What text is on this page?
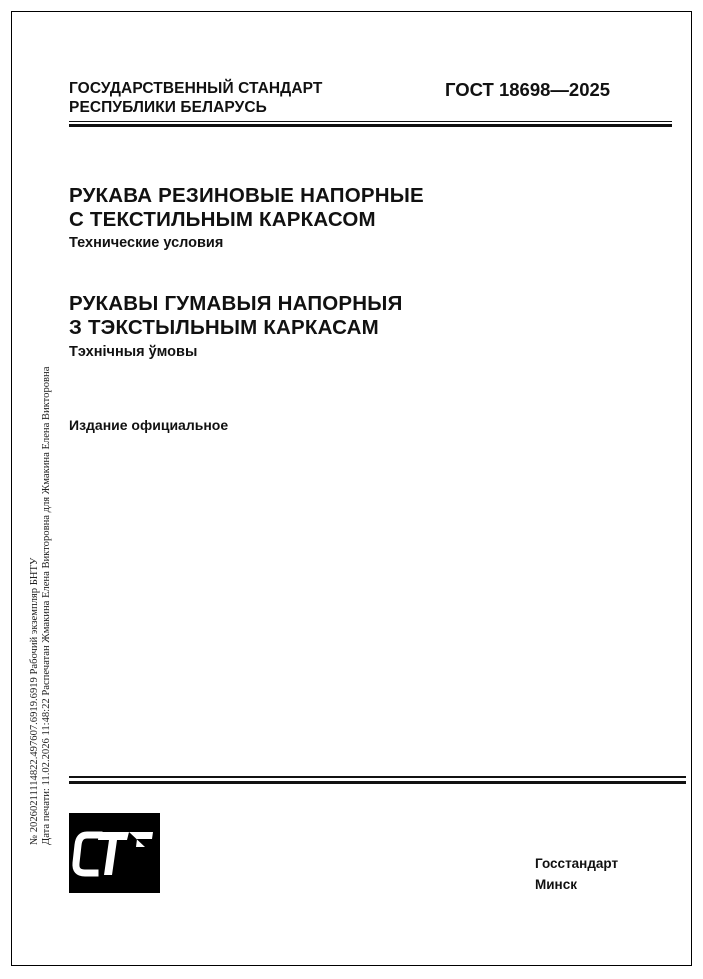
ГОСУДАРСТВЕННЫЙ СТАНДАРТ
РЕСПУБЛИКИ БЕЛАРУСЬ
ГОСТ 18698—2025
РУКАВА РЕЗИНОВЫЕ НАПОРНЫЕ
С ТЕКСТИЛЬНЫМ КАРКАСОМ
Технические условия
РУКАВЫ ГУМАВЫЯ НАПОРНЫЯ
З ТЭКСТЫЛЬНЫМ КАРКАСАМ
Тэхнічныя ўмовы
Издание официальное
№ 20260211114822.497607.6919.6919 Рабочий экземпляр БНТУ Дата печати: 11.02.2026 11:48:22 Распечатан Жмакина Елена Викторовна для Жмакина Елена Викторовна
Госстандарт
Минск
